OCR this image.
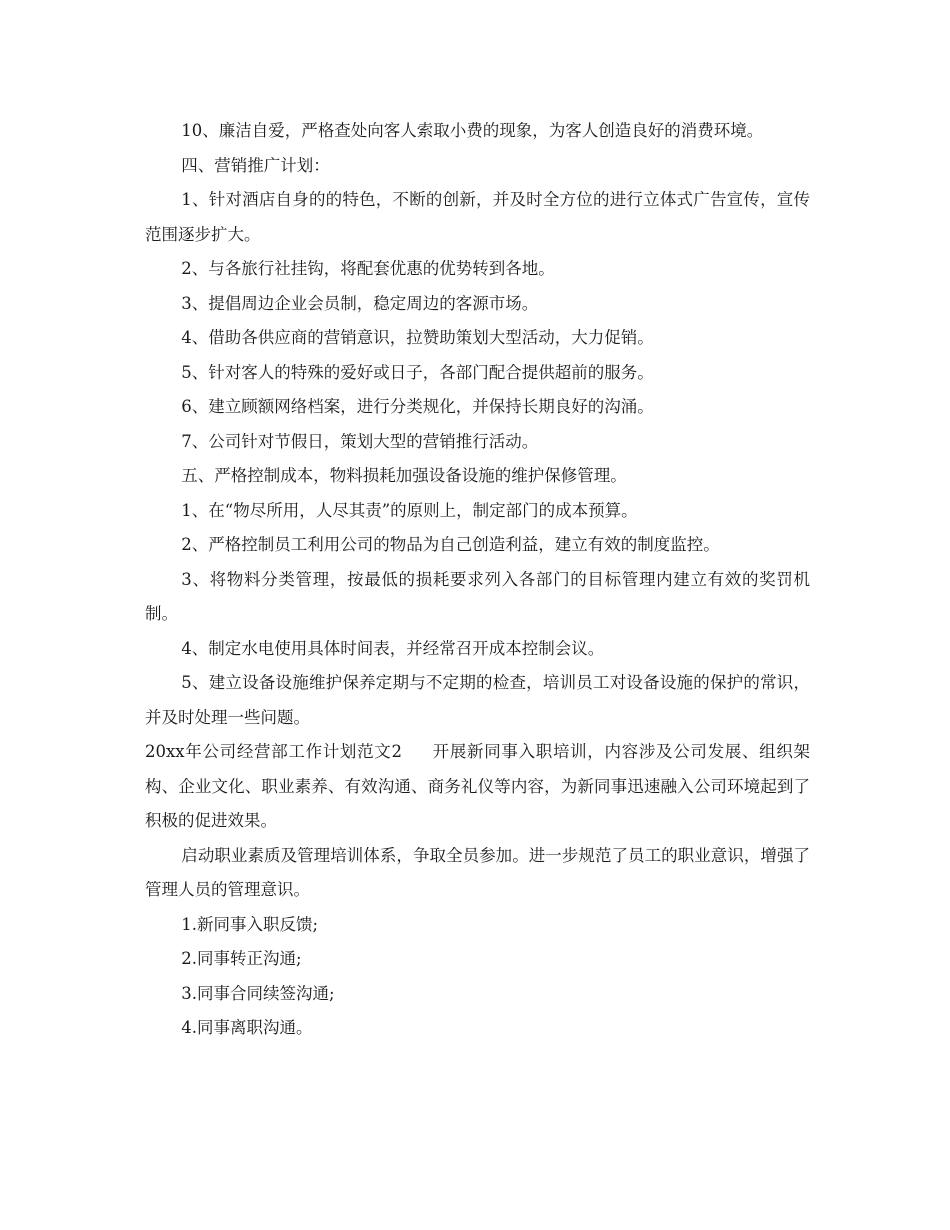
10、廉洁自爱，严格查处向客人索取小费的现象，为客人创造良好的消费环境。

四、营销推广计划：

1、针对酒店自身的的特色，不断的创新，并及时全方位的进行立体式广告宣传，宣传范围逐步扩大。

2、与各旅行社挂钩，将配套优惠的优势转到各地。

3、提倡周边企业会员制，稳定周边的客源市场。

4、借助各供应商的营销意识，拉赞助策划大型活动，大力促销。

5、针对客人的特殊的爱好或日子，各部门配合提供超前的服务。

6、建立顾额网络档案，进行分类规化，并保持长期良好的沟涌。

7、公司针对节假日，策划大型的营销推行活动。

五、严格控制成本，物料损耗加强设备设施的维护保修管理。

1、在“物尽所用，人尽其责”的原则上，制定部门的成本预算。

2、严格控制员工利用公司的物品为自己创造利益，建立有效的制度监控。

3、将物料分类管理，按最低的损耗要求列入各部门的目标管理内建立有效的奖罚机制。

4、制定水电使用具体时间表，并经常召开成本控制会议。

5、建立设备设施维护保养定期与不定期的检查，培训员工对设备设施的保护的常识，并及时处理一些问题。

20xx年公司经营部工作计划范文2 开展新同事入职培训，内容涉及公司发展、组织架构、企业文化、职业素养、有效沟通、商务礼仪等内容，为新同事迅速融入公司环境起到了积极的促进效果。

启动职业素质及管理培训体系，争取全员参加。进一步规范了员工的职业意识，增强了管理人员的管理意识。

1.新同事入职反馈;

2.同事转正沟通;

3.同事合同续签沟通;

4.同事离职沟通。
